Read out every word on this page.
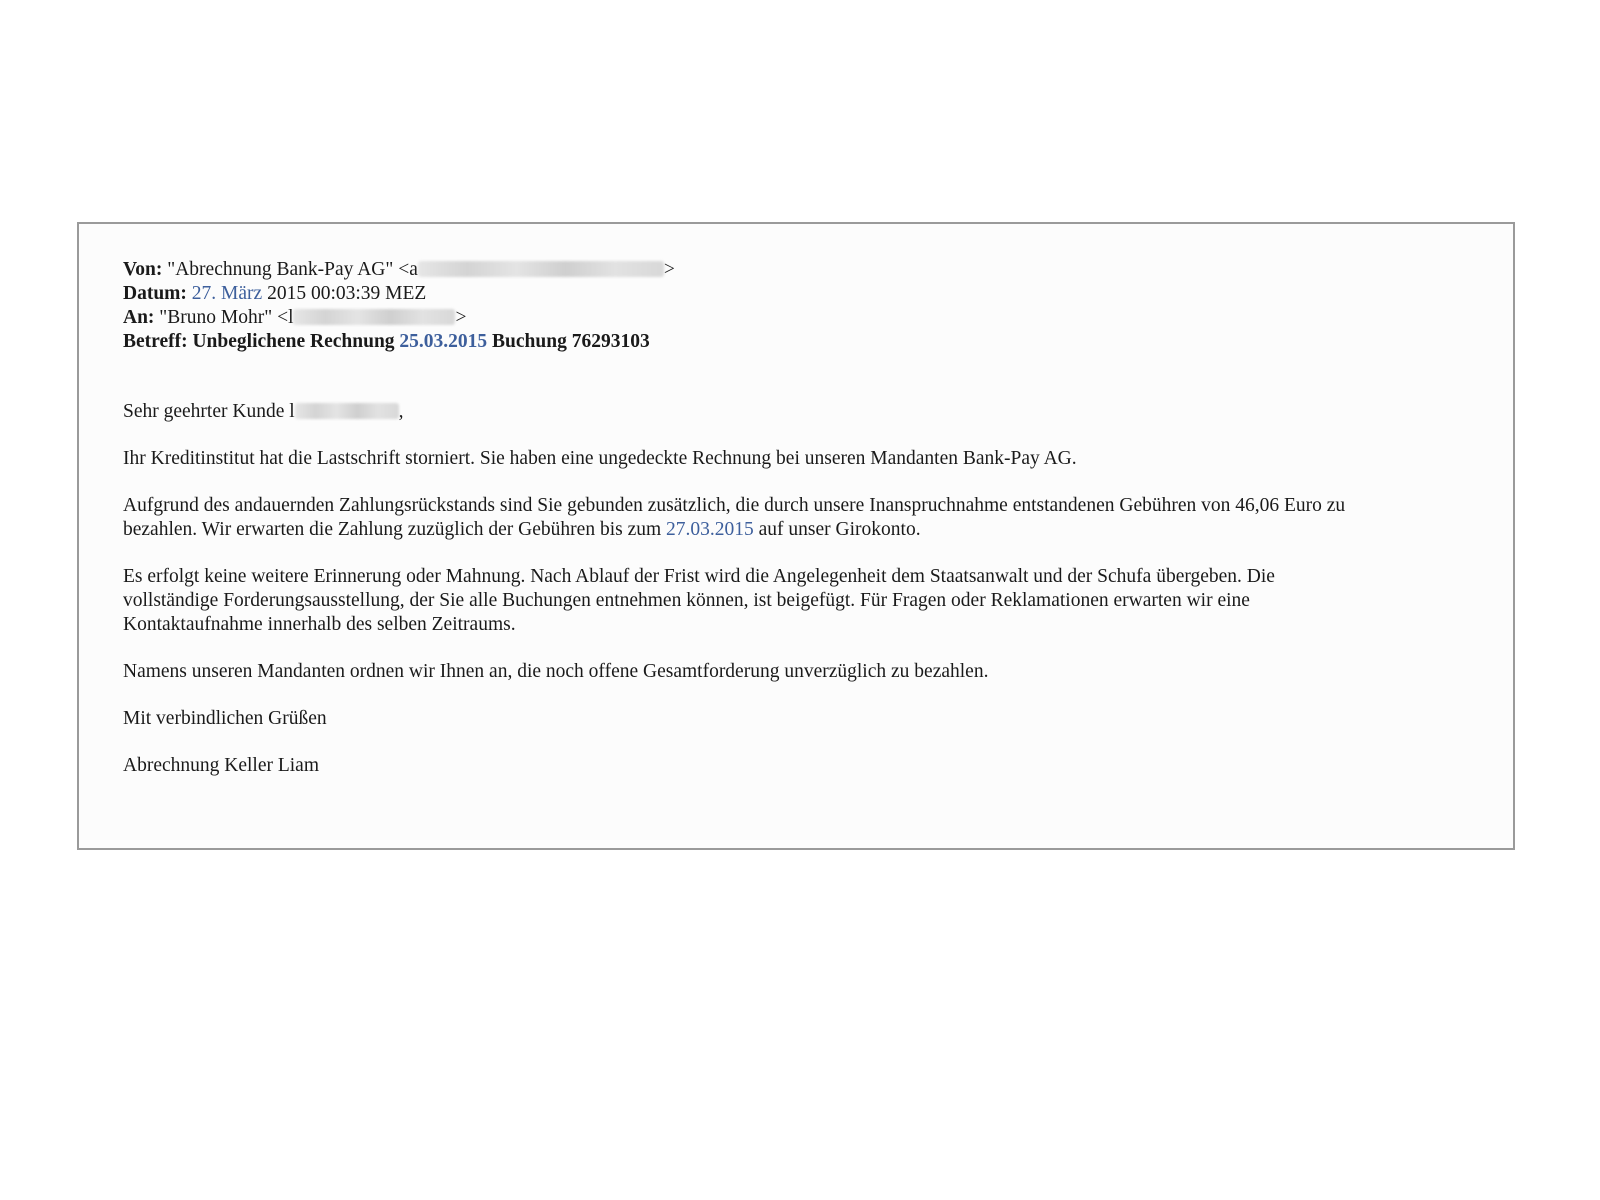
Von: "Abrechnung Bank-Pay AG" <a	>
Datum: 27. März 2015 00:03:39 MEZ
An: "Bruno Mohr" <l	>
Betreff: Unbeglichene Rechnung 25.03.2015 Buchung 76293103

Sehr geehrter Kunde l	,

Ihr Kreditinstitut hat die Lastschrift storniert. Sie haben eine ungedeckte Rechnung bei unseren Mandanten Bank-Pay AG.

Aufgrund des andauernden Zahlungsrückstands sind Sie gebunden zusätzlich, die durch unsere Inanspruchnahme entstandenen Gebühren von 46,06 Euro zu
bezahlen. Wir erwarten die Zahlung zuzüglich der Gebühren bis zum 27.03.2015 auf unser Girokonto.

Es erfolgt keine weitere Erinnerung oder Mahnung. Nach Ablauf der Frist wird die Angelegenheit dem Staatsanwalt und der Schufa übergeben. Die
vollständige Forderungsausstellung, der Sie alle Buchungen entnehmen können, ist beigefügt. Für Fragen oder Reklamationen erwarten wir eine
Kontaktaufnahme innerhalb des selben Zeitraums.

Namens unseren Mandanten ordnen wir Ihnen an, die noch offene Gesamtforderung unverzüglich zu bezahlen.

Mit verbindlichen Grüßen

Abrechnung Keller Liam
